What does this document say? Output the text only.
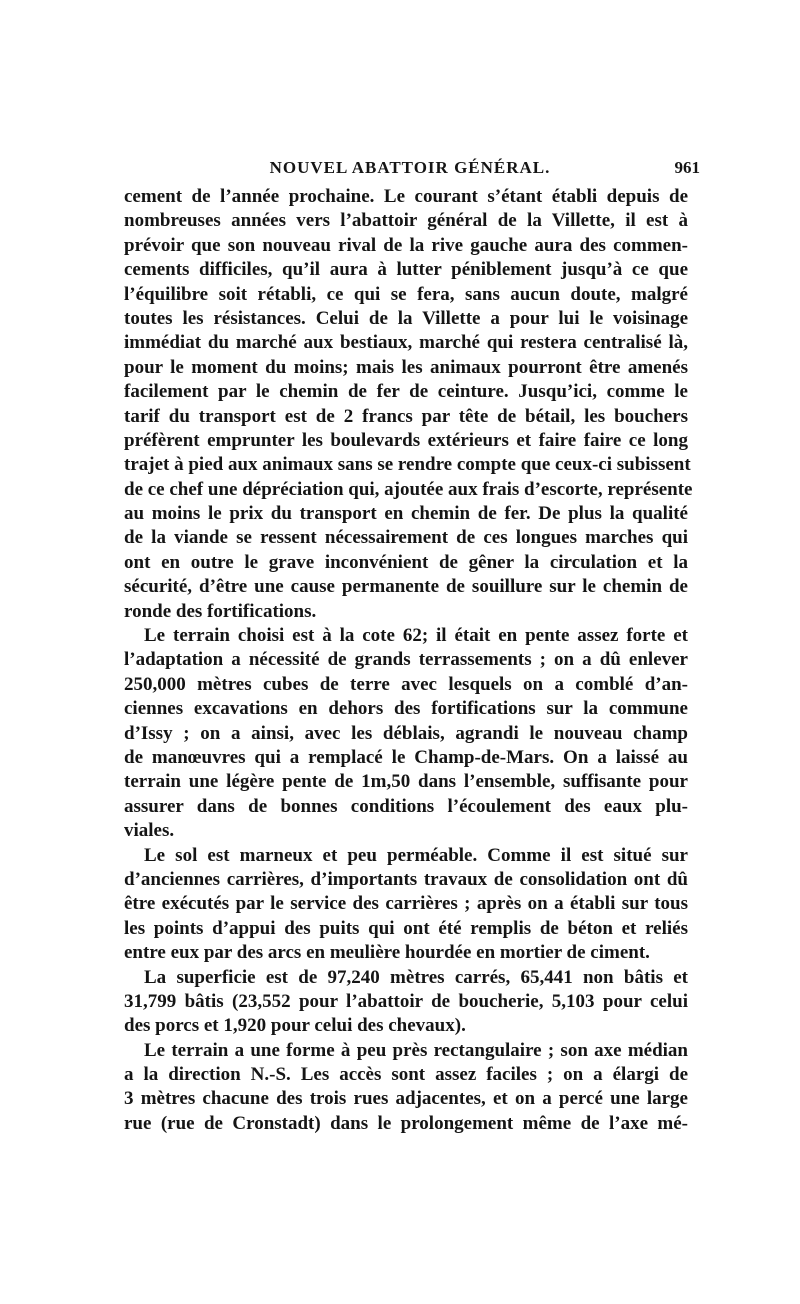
NOUVEL ABATTOIR GÉNÉRAL.	961
cement de l’année prochaine. Le courant s’étant établi depuis de
nombreuses années vers l’abattoir général de la Villette, il est à
prévoir que son nouveau rival de la rive gauche aura des commen-
cements difficiles, qu’il aura à lutter péniblement jusqu’à ce que
l’équilibre soit rétabli, ce qui se fera, sans aucun doute, malgré
toutes les résistances. Celui de la Villette a pour lui le voisinage
immédiat du marché aux bestiaux, marché qui restera centralisé là,
pour le moment du moins; mais les animaux pourront être amenés
facilement par le chemin de fer de ceinture. Jusqu’ici, comme le
tarif du transport est de 2 francs par tête de bétail, les bouchers
préfèrent emprunter les boulevards extérieurs et faire faire ce long
trajet à pied aux animaux sans se rendre compte que ceux-ci subissent
de ce chef une dépréciation qui, ajoutée aux frais d’escorte, représente
au moins le prix du transport en chemin de fer. De plus la qualité
de la viande se ressent nécessairement de ces longues marches qui
ont en outre le grave inconvénient de gêner la circulation et la
sécurité, d’être une cause permanente de souillure sur le chemin de
ronde des fortifications.
Le terrain choisi est à la cote 62; il était en pente assez forte et
l’adaptation a nécessité de grands terrassements ; on a dû enlever
250,000 mètres cubes de terre avec lesquels on a comblé d’an-
ciennes excavations en dehors des fortifications sur la commune
d’Issy ; on a ainsi, avec les déblais, agrandi le nouveau champ
de manœuvres qui a remplacé le Champ-de-Mars. On a laissé au
terrain une légère pente de 1m,50 dans l’ensemble, suffisante pour
assurer dans de bonnes conditions l’écoulement des eaux plu-
viales.
Le sol est marneux et peu perméable. Comme il est situé sur
d’anciennes carrières, d’importants travaux de consolidation ont dû
être exécutés par le service des carrières ; après on a établi sur tous
les points d’appui des puits qui ont été remplis de béton et reliés
entre eux par des arcs en meulière hourdée en mortier de ciment.
La superficie est de 97,240 mètres carrés, 65,441 non bâtis et
31,799 bâtis (23,552 pour l’abattoir de boucherie, 5,103 pour celui
des porcs et 1,920 pour celui des chevaux).
Le terrain a une forme à peu près rectangulaire ; son axe médian
a la direction N.-S. Les accès sont assez faciles ; on a élargi de
3 mètres chacune des trois rues adjacentes, et on a percé une large
rue (rue de Cronstadt) dans le prolongement même de l’axe mé-
